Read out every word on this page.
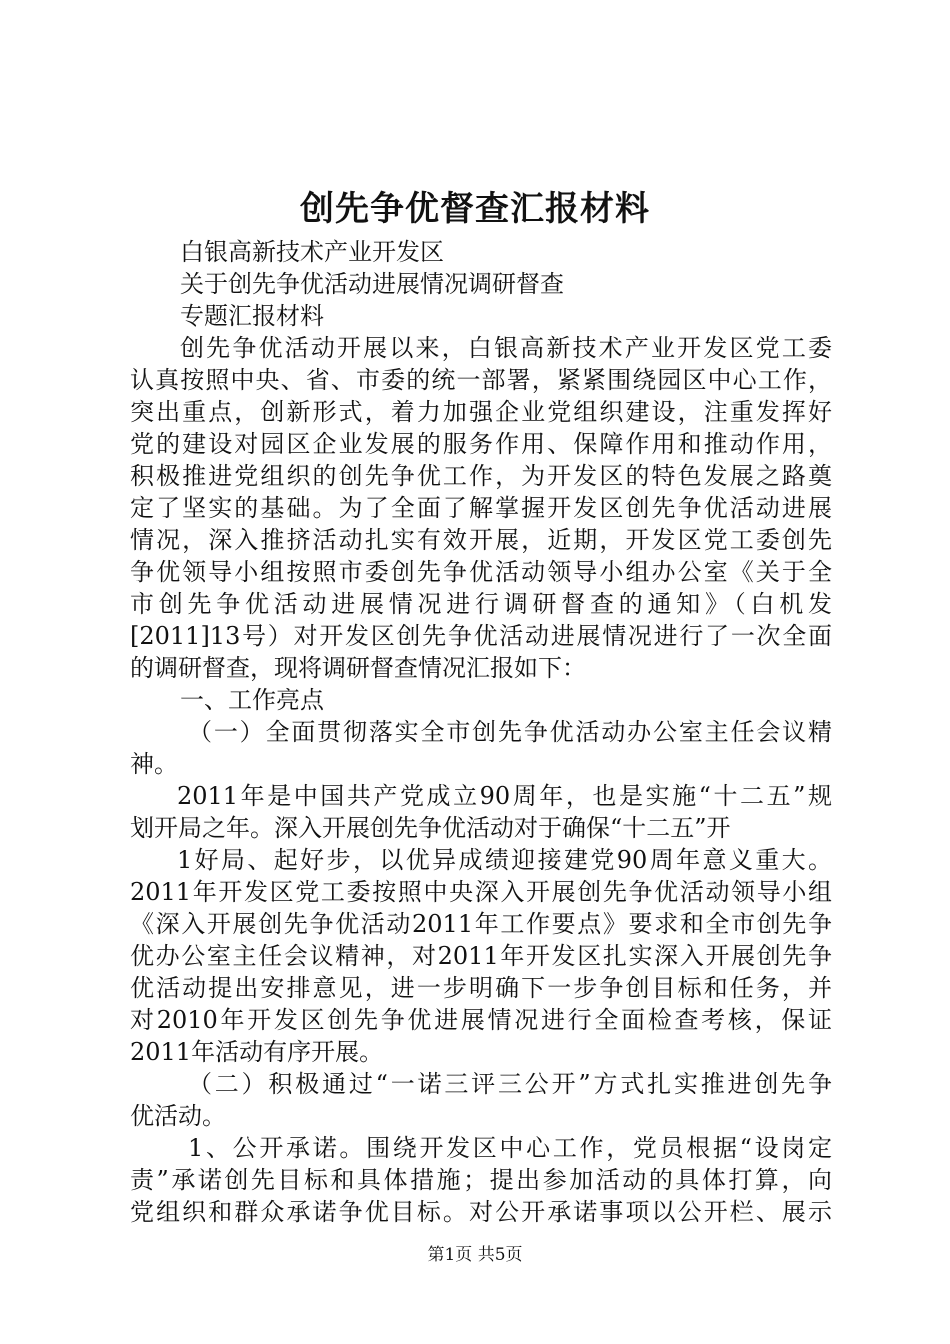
创先争优督查汇报材料
白银高新技术产业开发区
关于创先争优活动进展情况调研督查
专题汇报材料
创先争优活动开展以来，白银高新技术产业开发区党工委
认真按照中央、省、市委的统一部署，紧紧围绕园区中心工作，
突出重点，创新形式，着力加强企业党组织建设，注重发挥好
党的建设对园区企业发展的服务作用、保障作用和推动作用，
积极推进党组织的创先争优工作，为开发区的特色发展之路奠
定了坚实的基础。为了全面了解掌握开发区创先争优活动进展
情况，深入推挤活动扎实有效开展，近期，开发区党工委创先
争优领导小组按照市委创先争优活动领导小组办公室《关于全
市创先争优活动进展情况进行调研督查的通知》（白机发
[2011]13号）对开发区创先争优活动进展情况进行了一次全面
的调研督查，现将调研督查情况汇报如下：
一、工作亮点
（一）全面贯彻落实全市创先争优活动办公室主任会议精
神。
2011年是中国共产党成立90周年，也是实施“十二五”规
划开局之年。深入开展创先争优活动对于确保“十二五”开
1好局、起好步，以优异成绩迎接建党90周年意义重大。
2011年开发区党工委按照中央深入开展创先争优活动领导小组
《深入开展创先争优活动2011年工作要点》要求和全市创先争
优办公室主任会议精神，对2011年开发区扎实深入开展创先争
优活动提出安排意见，进一步明确下一步争创目标和任务，并
对2010年开发区创先争优进展情况进行全面检查考核，保证
2011年活动有序开展。
（二）积极通过“一诺三评三公开”方式扎实推进创先争
优活动。
1、公开承诺。围绕开发区中心工作，党员根据“设岗定
责”承诺创先目标和具体措施；提出参加活动的具体打算，向
党组织和群众承诺争优目标。对公开承诺事项以公开栏、展示
第1页 共5页
